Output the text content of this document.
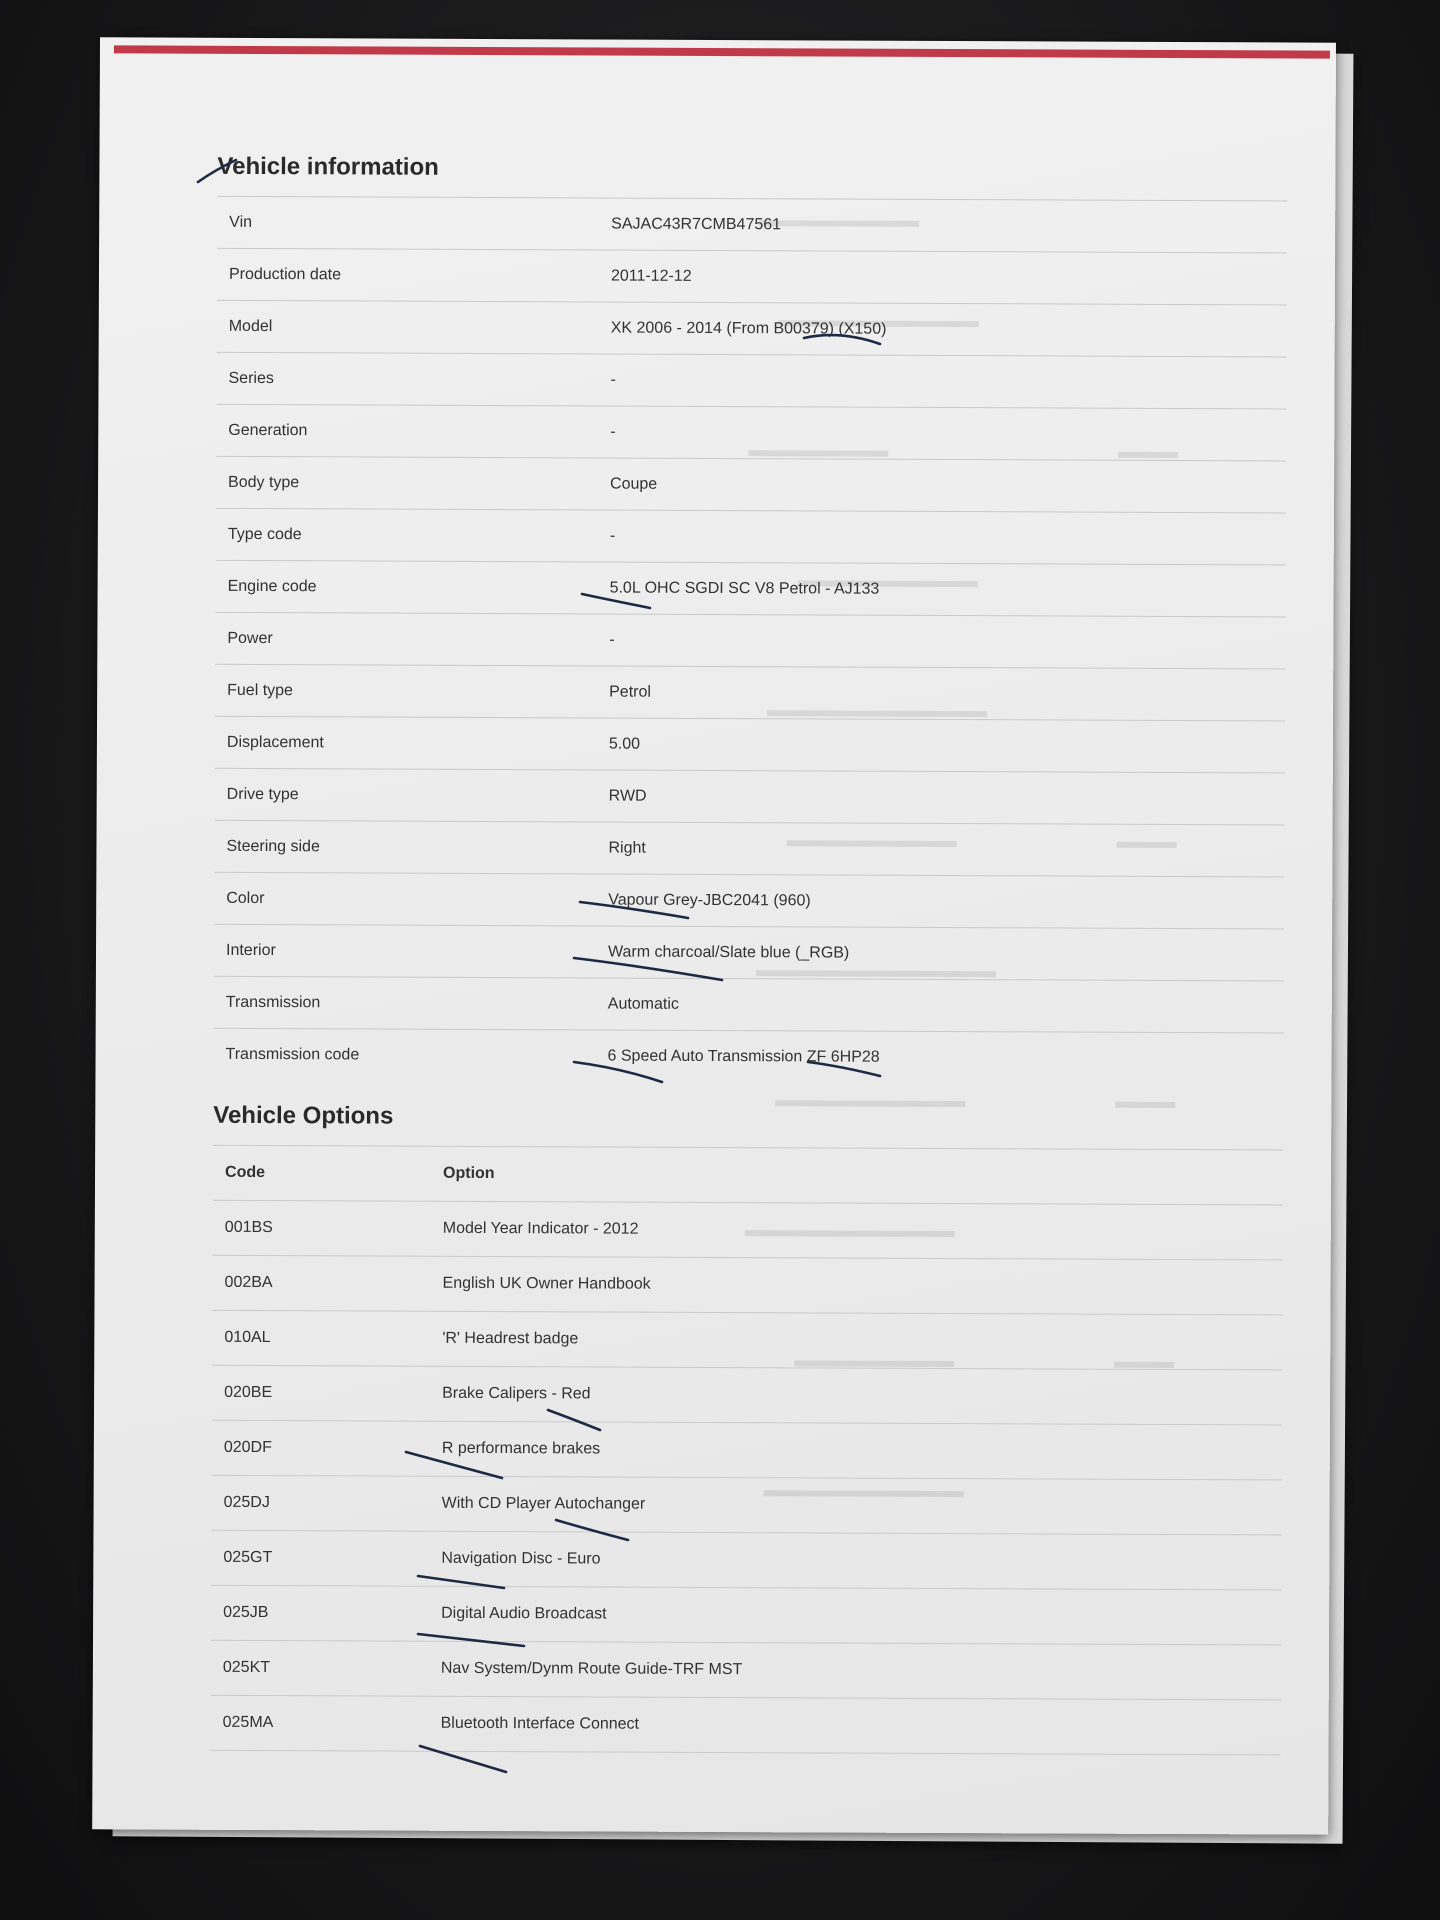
Vehicle information
Vin	SAJAC43R7CMB47561
Production date	2011-12-12
Model	XK 2006 - 2014 (From B00379) (X150)
Series	-
Generation	-
Body type	Coupe
Type code	-
Engine code	5.0L OHC SGDI SC V8 Petrol - AJ133
Power	-
Fuel type	Petrol
Displacement	5.00
Drive type	RWD
Steering side	Right
Color	Vapour Grey-JBC2041 (960)
Interior	Warm charcoal/Slate blue (_RGB)
Transmission	Automatic
Transmission code	6 Speed Auto Transmission ZF 6HP28
Vehicle Options
Code	Option
001BS	Model Year Indicator - 2012
002BA	English UK Owner Handbook
010AL	'R' Headrest badge
020BE	Brake Calipers - Red
020DF	R performance brakes
025DJ	With CD Player Autochanger
025GT	Navigation Disc - Euro
025JB	Digital Audio Broadcast
025KT	Nav System/Dynm Route Guide-TRF MST
025MA	Bluetooth Interface Connect
